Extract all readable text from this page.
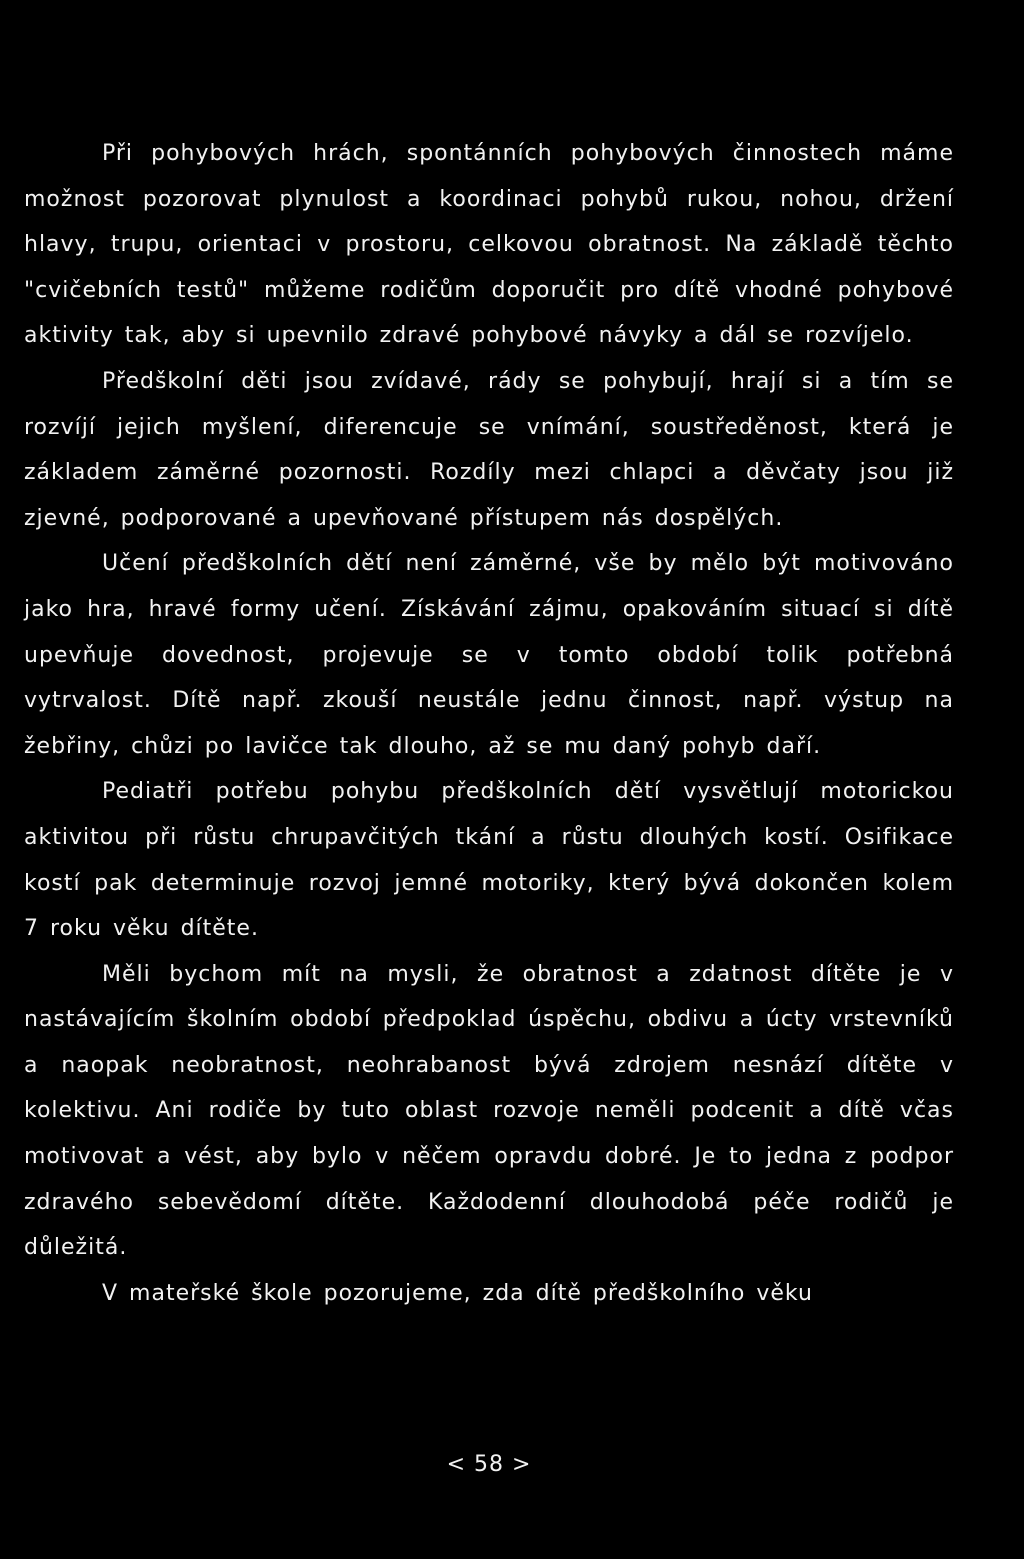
Při pohybových hrách, spontánních pohybových činnostech máme možnost pozorovat plynulost a koordinaci pohybů rukou, nohou, držení hlavy, trupu, orientaci v prostoru, celkovou obratnost. Na základě těchto "cvičebních testů" můžeme rodičům doporučit pro dítě vhodné pohybové aktivity tak, aby si upevnilo zdravé pohybové návyky a dál se rozvíjelo.

Předškolní děti jsou zvídavé, rády se pohybují, hrají si a tím se rozvíjí jejich myšlení, diferencuje se vnímání, soustředěnost, která je základem záměrné pozornosti. Rozdíly mezi chlapci a děvčaty jsou již zjevné, podporované a upevňované přístupem nás dospělých.

Učení předškolních dětí není záměrné, vše by mělo být motivováno jako hra, hravé formy učení. Získávání zájmu, opakováním situací si dítě upevňuje dovednost, projevuje se v tomto období tolik potřebná vytrvalost. Dítě např. zkouší neustále jednu činnost, např. výstup na žebřiny, chůzi po lavičce tak dlouho, až se mu daný pohyb daří.

Pediatři potřebu pohybu předškolních dětí vysvětlují motorickou aktivitou při růstu chrupavčitých tkání a růstu dlouhých kostí. Osifikace kostí pak determinuje rozvoj jemné motoriky, který bývá dokončen kolem 7 roku věku dítěte.

Měli bychom mít na mysli, že obratnost a zdatnost dítěte je v nastávajícím školním období předpoklad úspěchu, obdivu a úcty vrstevníků a naopak neobratnost, neohrabanost bývá zdrojem nesnází dítěte v kolektivu. Ani rodiče by tuto oblast rozvoje neměli podcenit a dítě včas motivovat a vést, aby bylo v něčem opravdu dobré. Je to jedna z podpor zdravého sebevědomí dítěte. Každodenní dlouhodobá péče rodičů je důležitá.

V mateřské škole pozorujeme, zda dítě předškolního věku

< 58 >
